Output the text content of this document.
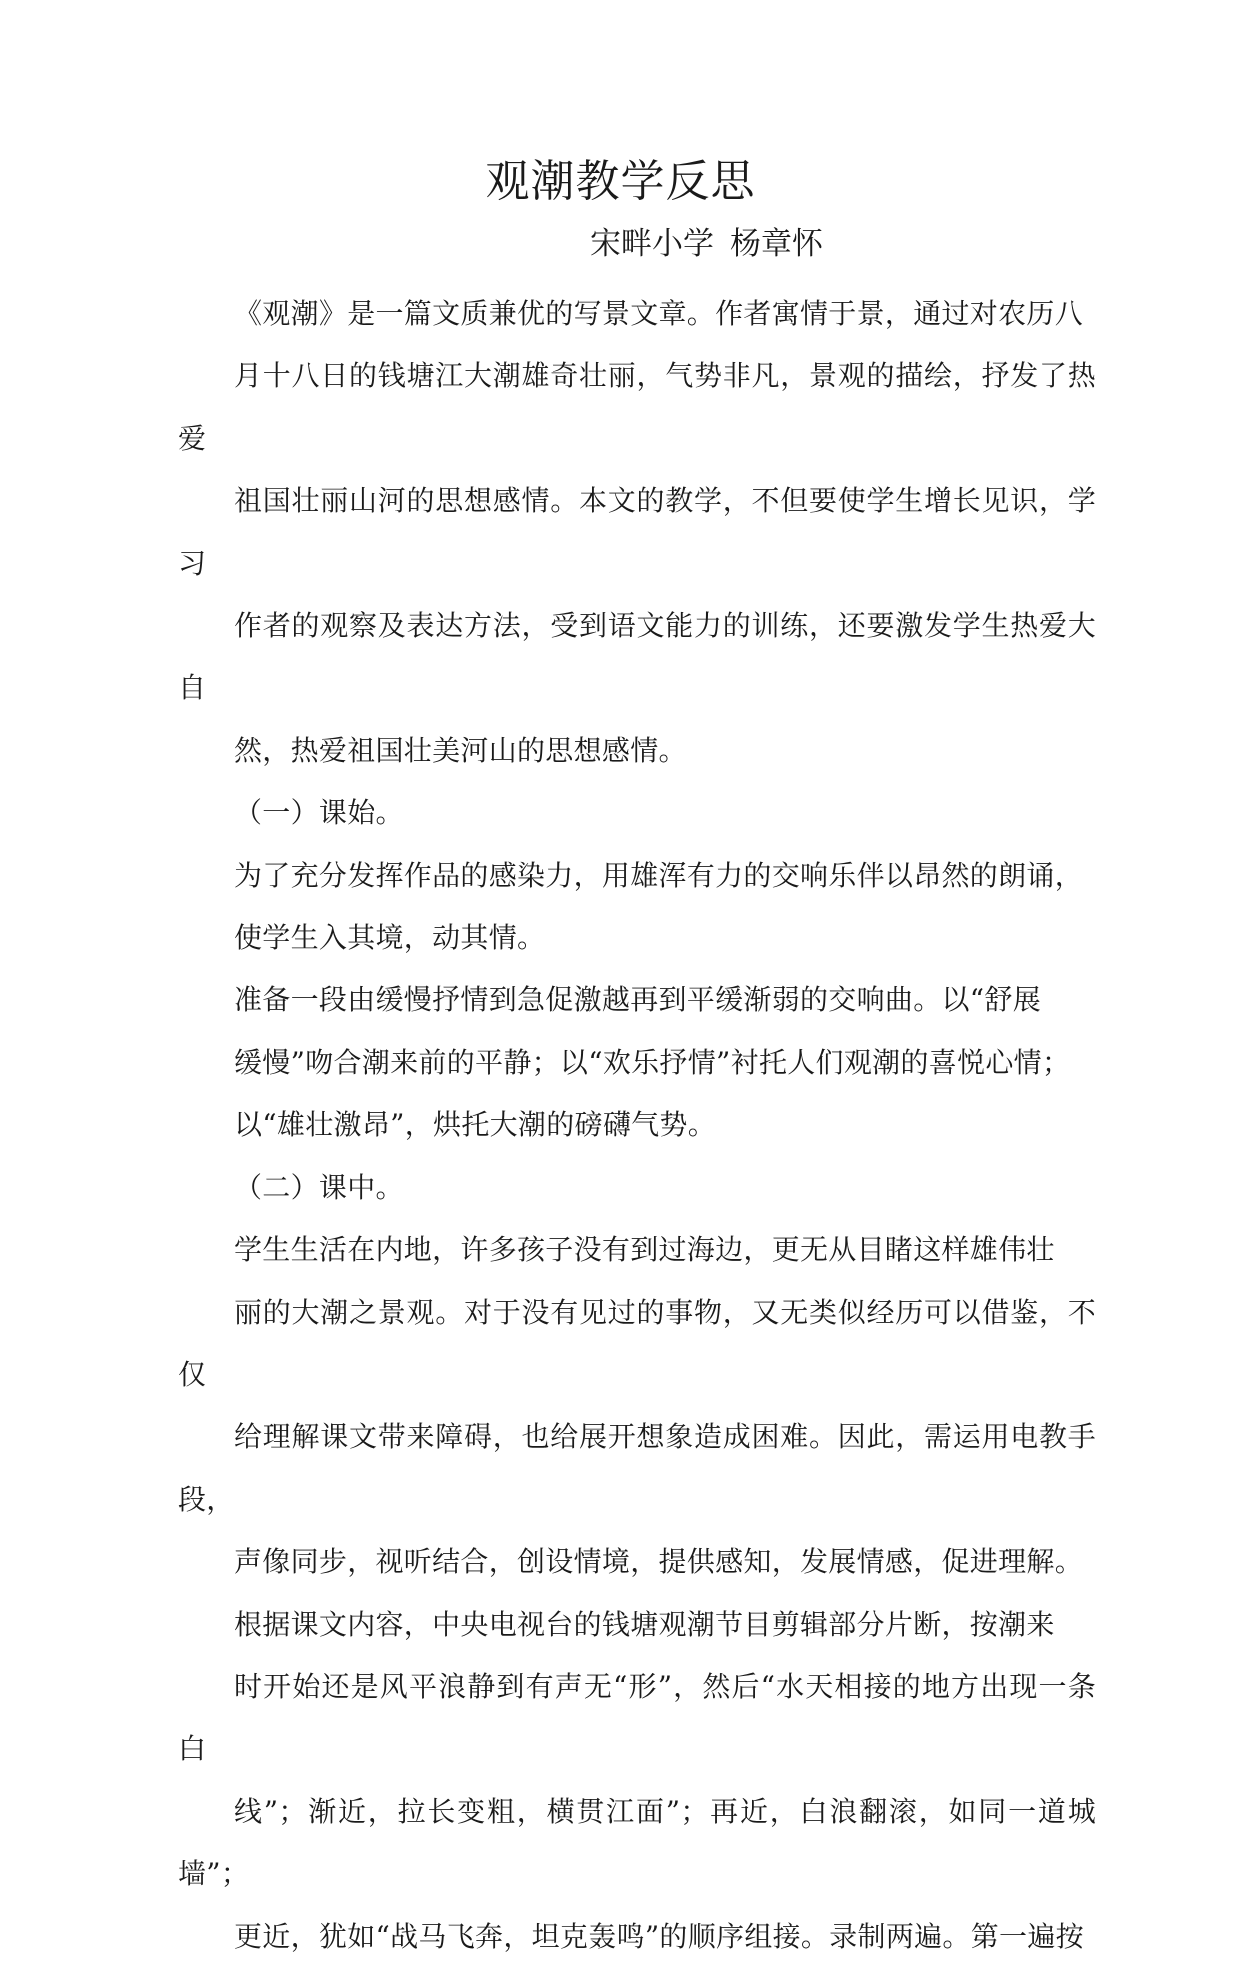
观潮教学反思

宋畔小学 杨章怀

《观潮》是一篇文质兼优的写景文章。作者寓情于景，通过对农历八
月十八日的钱塘江大潮雄奇壮丽，气势非凡，景观的描绘，抒发了热爱
祖国壮丽山河的思想感情。本文的教学，不但要使学生增长见识，学习
作者的观察及表达方法，受到语文能力的训练，还要激发学生热爱大自
然，热爱祖国壮美河山的思想感情。

（一）课始。

为了充分发挥作品的感染力，用雄浑有力的交响乐伴以昂然的朗诵，
使学生入其境，动其情。

准备一段由缓慢抒情到急促激越再到平缓渐弱的交响曲。以“舒展
缓慢”吻合潮来前的平静；以“欢乐抒情”衬托人们观潮的喜悦心情；
以“雄壮激昂”，烘托大潮的磅礴气势。

（二）课中。

学生生活在内地，许多孩子没有到过海边，更无从目睹这样雄伟壮
丽的大潮之景观。对于没有见过的事物，又无类似经历可以借鉴，不仅
给理解课文带来障碍，也给展开想象造成困难。因此，需运用电教手段，
声像同步，视听结合，创设情境，提供感知，发展情感，促进理解。

根据课文内容，中央电视台的钱塘观潮节目剪辑部分片断，按潮来
时开始还是风平浪静到有声无“形”，然后“水天相接的地方出现一条白
线”；渐近，拉长变粗，横贯江面”；再近，白浪翻滚，如同一道城墙”；
更近，犹如“战马飞奔，坦克轰鸣”的顺序组接。录制两遍。第一遍按
